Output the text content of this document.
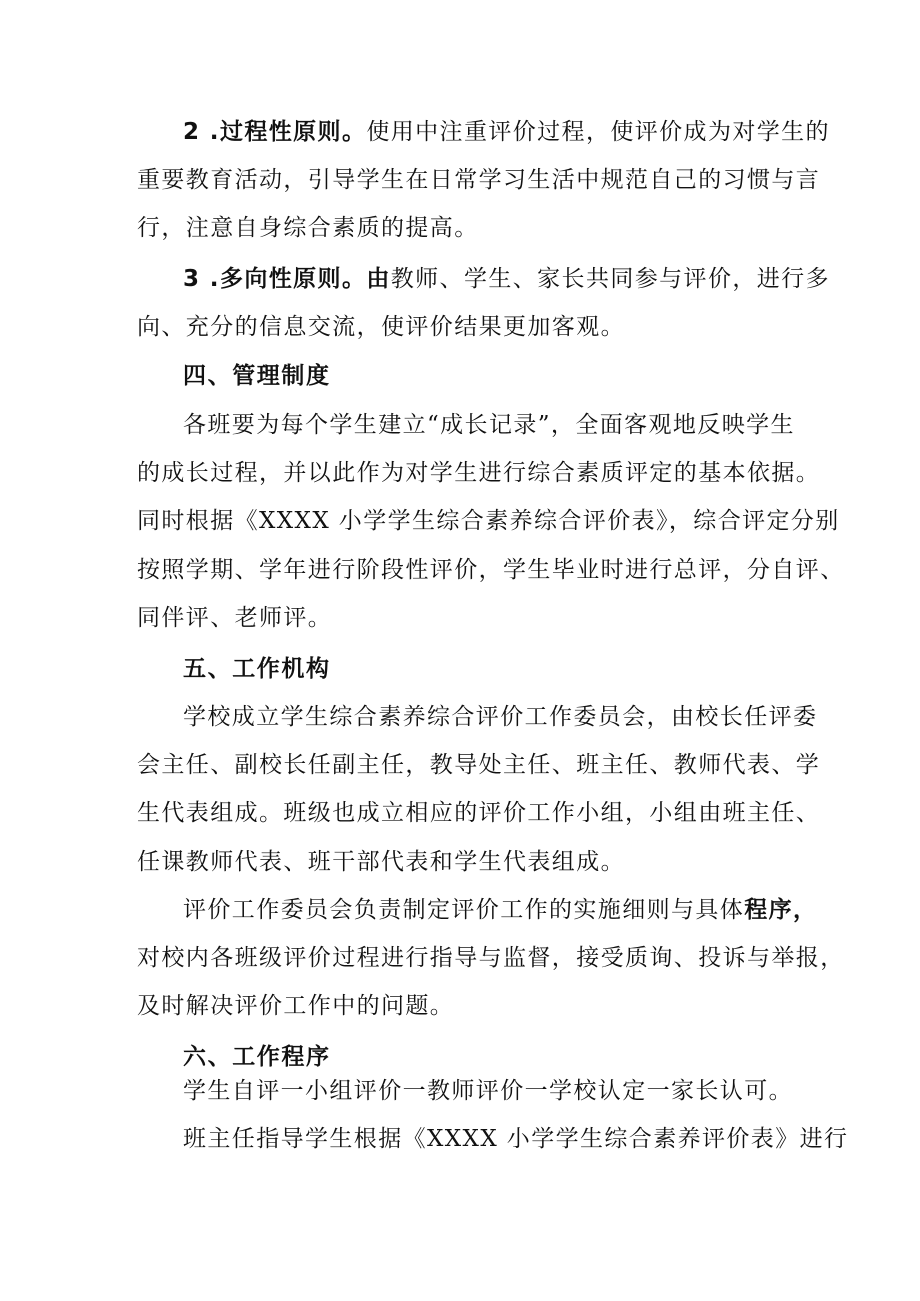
2 .过程性原则。使用中注重评价过程，使评价成为对学生的
重要教育活动，引导学生在日常学习生活中规范自己的习惯与言
行，注意自身综合素质的提高。
3 .多向性原则。由教师、学生、家长共同参与评价，进行多
向、充分的信息交流，使评价结果更加客观。
四、管理制度
各班要为每个学生建立“成长记录”，全面客观地反映学生
的成长过程，并以此作为对学生进行综合素质评定的基本依据。
同时根据《XXXX 小学学生综合素养综合评价表》，综合评定分别
按照学期、学年进行阶段性评价，学生毕业时进行总评，分自评、
同伴评、老师评。
五、工作机构
学校成立学生综合素养综合评价工作委员会，由校长任评委
会主任、副校长任副主任，教导处主任、班主任、教师代表、学
生代表组成。班级也成立相应的评价工作小组，小组由班主任、
任课教师代表、班干部代表和学生代表组成。
评价工作委员会负责制定评价工作的实施细则与具体程序，
对校内各班级评价过程进行指导与监督，接受质询、投诉与举报，
及时解决评价工作中的问题。
六、工作程序
学生自评一小组评价一教师评价一学校认定一家长认可。
班主任指导学生根据《XXXX 小学学生综合素养评价表》进行
